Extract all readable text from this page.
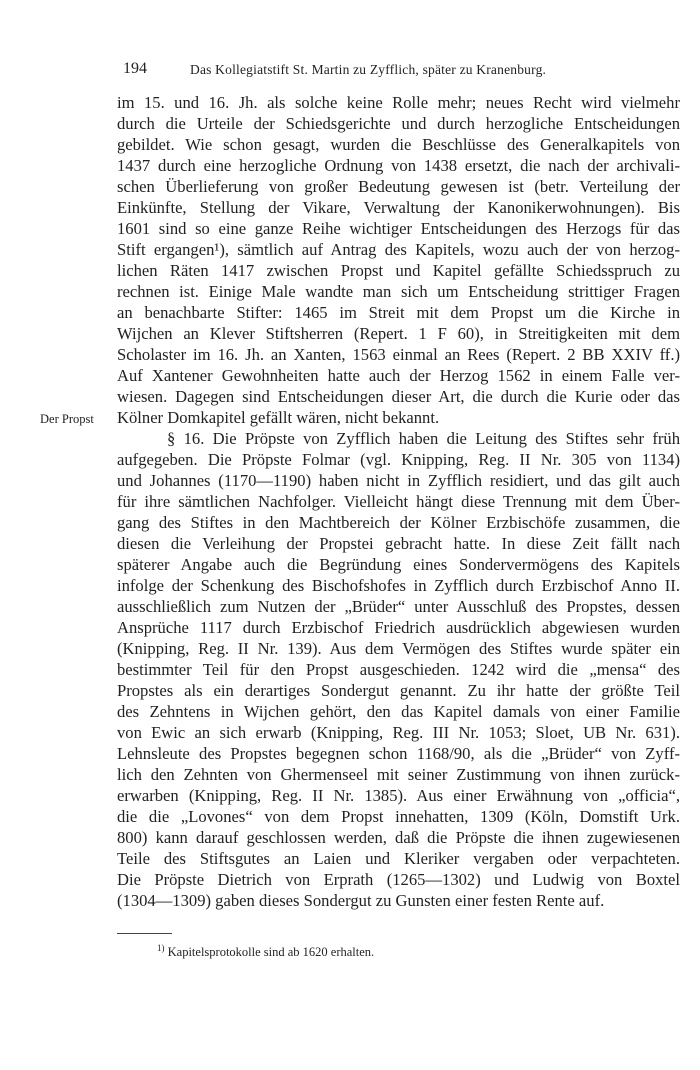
194	Das Kollegiatstift St. Martin zu Zyfflich, später zu Kranenburg.
Der Propst
im 15. und 16. Jh. als solche keine Rolle mehr; neues Recht wird vielmehr
durch die Urteile der Schiedsgerichte und durch herzogliche Entscheidungen
gebildet. Wie schon gesagt, wurden die Beschlüsse des Generalkapitels von
1437 durch eine herzogliche Ordnung von 1438 ersetzt, die nach der archivali-
schen Überlieferung von großer Bedeutung gewesen ist (betr. Verteilung der
Einkünfte, Stellung der Vikare, Verwaltung der Kanonikerwohnungen). Bis
1601 sind so eine ganze Reihe wichtiger Entscheidungen des Herzogs für das
Stift ergangen¹), sämtlich auf Antrag des Kapitels, wozu auch der von herzog-
lichen Räten 1417 zwischen Propst und Kapitel gefällte Schiedsspruch zu
rechnen ist. Einige Male wandte man sich um Entscheidung strittiger Fragen
an benachbarte Stifter: 1465 im Streit mit dem Propst um die Kirche in
Wijchen an Klever Stiftsherren (Repert. 1 F 60), in Streitigkeiten mit dem
Scholaster im 16. Jh. an Xanten, 1563 einmal an Rees (Repert. 2 BB XXIV ff.)
Auf Xantener Gewohnheiten hatte auch der Herzog 1562 in einem Falle ver-
wiesen. Dagegen sind Entscheidungen dieser Art, die durch die Kurie oder das
Kölner Domkapitel gefällt wären, nicht bekannt.
§ 16. Die Pröpste von Zyfflich haben die Leitung des Stiftes sehr früh
aufgegeben. Die Pröpste Folmar (vgl. Knipping, Reg. II Nr. 305 von 1134)
und Johannes (1170—1190) haben nicht in Zyfflich residiert, und das gilt auch
für ihre sämtlichen Nachfolger. Vielleicht hängt diese Trennung mit dem Über-
gang des Stiftes in den Machtbereich der Kölner Erzbischöfe zusammen, die
diesen die Verleihung der Propstei gebracht hatte. In diese Zeit fällt nach
späterer Angabe auch die Begründung eines Sondervermögens des Kapitels
infolge der Schenkung des Bischofshofes in Zyfflich durch Erzbischof Anno II.
ausschließlich zum Nutzen der „Brüder“ unter Ausschluß des Propstes, dessen
Ansprüche 1117 durch Erzbischof Friedrich ausdrücklich abgewiesen wurden
(Knipping, Reg. II Nr. 139). Aus dem Vermögen des Stiftes wurde später ein
bestimmter Teil für den Propst ausgeschieden. 1242 wird die „mensa“ des
Propstes als ein derartiges Sondergut genannt. Zu ihr hatte der größte Teil
des Zehntens in Wijchen gehört, den das Kapitel damals von einer Familie
von Ewic an sich erwarb (Knipping, Reg. III Nr. 1053; Sloet, UB Nr. 631).
Lehnsleute des Propstes begegnen schon 1168/90, als die „Brüder“ von Zyff-
lich den Zehnten von Ghermenseel mit seiner Zustimmung von ihnen zurück-
erwarben (Knipping, Reg. II Nr. 1385). Aus einer Erwähnung von „officia“,
die die „Lovones“ von dem Propst innehatten, 1309 (Köln, Domstift Urk.
800) kann darauf geschlossen werden, daß die Pröpste die ihnen zugewiesenen
Teile des Stiftsgutes an Laien und Kleriker vergaben oder verpachteten.
Die Pröpste Dietrich von Erprath (1265—1302) und Ludwig von Boxtel
(1304—1309) gaben dieses Sondergut zu Gunsten einer festen Rente auf.
$^{1)}$ Kapitelsprotokolle sind ab 1620 erhalten.
